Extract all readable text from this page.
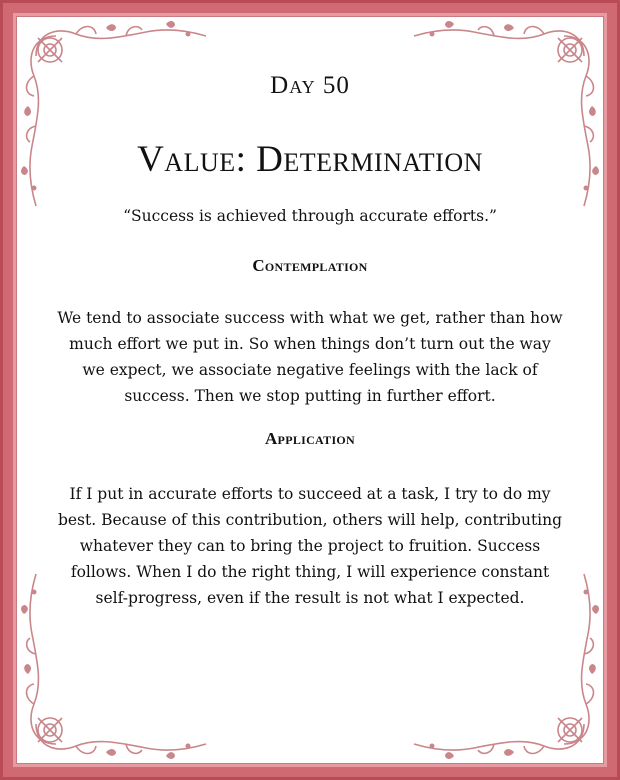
Day 50
Value: Determination
“Success is achieved through accurate efforts.”
Contemplation
We tend to associate success with what we get, rather than how
much effort we put in. So when things don’t turn out the way
we expect, we associate negative feelings with the lack of
success. Then we stop putting in further effort.
Application
If I put in accurate efforts to succeed at a task, I try to do my
best. Because of this contribution, others will help, contributing
whatever they can to bring the project to fruition. Success
follows. When I do the right thing, I will experience constant
self-progress, even if the result is not what I expected.
